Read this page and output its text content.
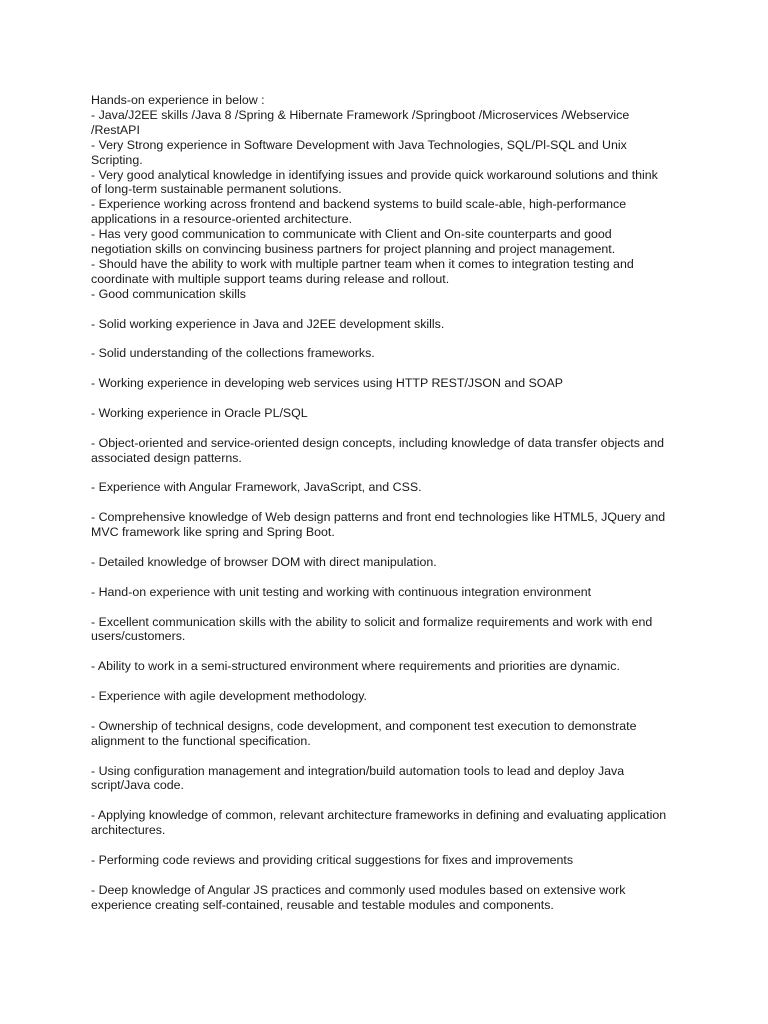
Hands-on experience in below :
- Java/J2EE skills /Java 8 /Spring & Hibernate Framework /Springboot /Microservices /Webservice
/RestAPI
- Very Strong experience in Software Development with Java Technologies, SQL/Pl-SQL and Unix
Scripting.
- Very good analytical knowledge in identifying issues and provide quick workaround solutions and think
of long-term sustainable permanent solutions.
- Experience working across frontend and backend systems to build scale-able, high-performance
applications in a resource-oriented architecture.
- Has very good communication to communicate with Client and On-site counterparts and good
negotiation skills on convincing business partners for project planning and project management.
- Should have the ability to work with multiple partner team when it comes to integration testing and
coordinate with multiple support teams during release and rollout.
- Good communication skills
- Solid working experience in Java and J2EE development skills.
- Solid understanding of the collections frameworks.
- Working experience in developing web services using HTTP REST/JSON and SOAP
- Working experience in Oracle PL/SQL
- Object-oriented and service-oriented design concepts, including knowledge of data transfer objects and
associated design patterns.
- Experience with Angular Framework, JavaScript, and CSS.
- Comprehensive knowledge of Web design patterns and front end technologies like HTML5, JQuery and
MVC framework like spring and Spring Boot.
- Detailed knowledge of browser DOM with direct manipulation.
- Hand-on experience with unit testing and working with continuous integration environment
- Excellent communication skills with the ability to solicit and formalize requirements and work with end
users/customers.
- Ability to work in a semi-structured environment where requirements and priorities are dynamic.
- Experience with agile development methodology.
- Ownership of technical designs, code development, and component test execution to demonstrate
alignment to the functional specification.
- Using configuration management and integration/build automation tools to lead and deploy Java
script/Java code.
- Applying knowledge of common, relevant architecture frameworks in defining and evaluating application
architectures.
- Performing code reviews and providing critical suggestions for fixes and improvements
- Deep knowledge of Angular JS practices and commonly used modules based on extensive work
experience creating self-contained, reusable and testable modules and components.
